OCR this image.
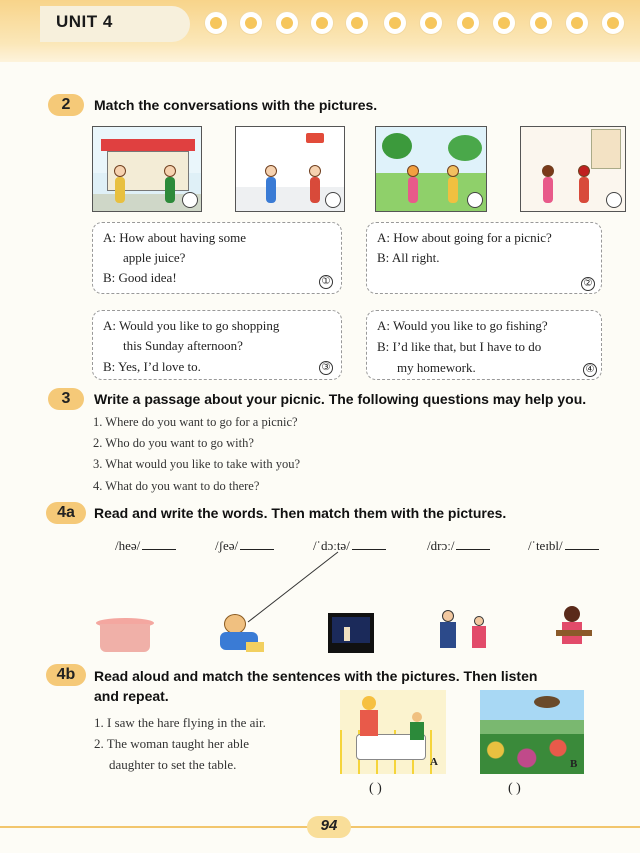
UNIT 4
2	Match the conversations with the pictures.
A: How about having some
apple juice?
B: Good idea!	①
A: How about going for a picnic?
B: All right.
②
A: Would you like to go shopping
this Sunday afternoon?
B: Yes, I’d love to.	③
A: Would you like to go fishing?
B: I’d like that, but I have to do
my homework.	④
3	Write a passage about your picnic. The following questions may help you.
1. Where do you want to go for a picnic?
2. Who do you want to go with?
3. What would you like to take with you?
4. What do you want to do there?
4a	Read and write the words. Then match them with the pictures.
/heə/	/ʃeə/	/ˈdɔːtə/	/drɔː/	/ˈteɪbl/
4b	Read aloud and match the sentences with the pictures. Then listen
and repeat.
1. I saw the hare flying in the air.
2. The woman taught her able
daughter to set the table.	A	B
( )	( )
94
